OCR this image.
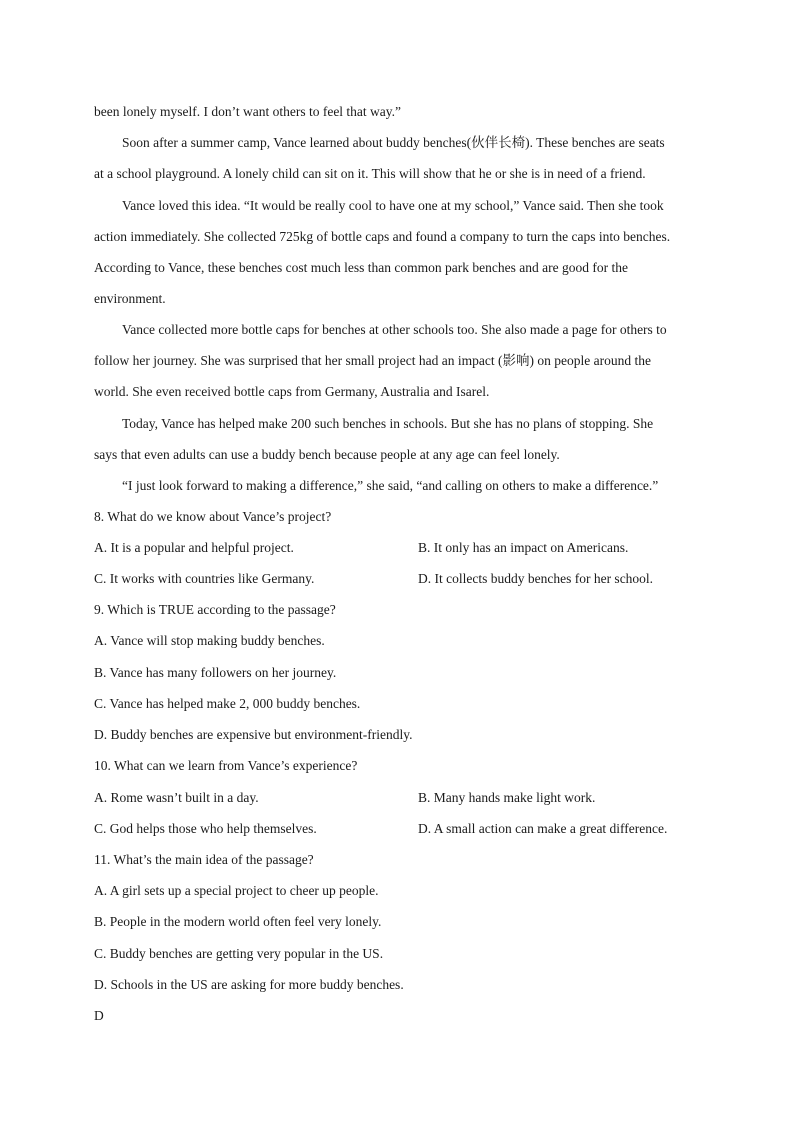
been lonely myself. I don’t want others to feel that way.”
Soon after a summer camp, Vance learned about buddy benches(伙伴长椅). These benches are seats
at a school playground. A lonely child can sit on it. This will show that he or she is in need of a friend.
Vance loved this idea. “It would be really cool to have one at my school,” Vance said. Then she took
action immediately. She collected 725kg of bottle caps and found a company to turn the caps into benches.
According to Vance, these benches cost much less than common park benches and are good for the
environment.
Vance collected more bottle caps for benches at other schools too. She also made a page for others to
follow her journey. She was surprised that her small project had an impact (影响) on people around the
world. She even received bottle caps from Germany, Australia and Isarel.
Today, Vance has helped make 200 such benches in schools. But she has no plans of stopping. She
says that even adults can use a buddy bench because people at any age can feel lonely.
“I just look forward to making a difference,” she said, “and calling on others to make a difference.”
8. What do we know about Vance’s project?
A. It is a popular and helpful project.	B. It only has an impact on Americans.
C. It works with countries like Germany.	D. It collects buddy benches for her school.
9. Which is TRUE according to the passage?
A. Vance will stop making buddy benches.
B. Vance has many followers on her journey.
C. Vance has helped make 2, 000 buddy benches.
D. Buddy benches are expensive but environment-friendly.
10. What can we learn from Vance’s experience?
A. Rome wasn’t built in a day.	B. Many hands make light work.
C. God helps those who help themselves.	D. A small action can make a great difference.
11. What’s the main idea of the passage?
A. A girl sets up a special project to cheer up people.
B. People in the modern world often feel very lonely.
C. Buddy benches are getting very popular in the US.
D. Schools in the US are asking for more buddy benches.
D
